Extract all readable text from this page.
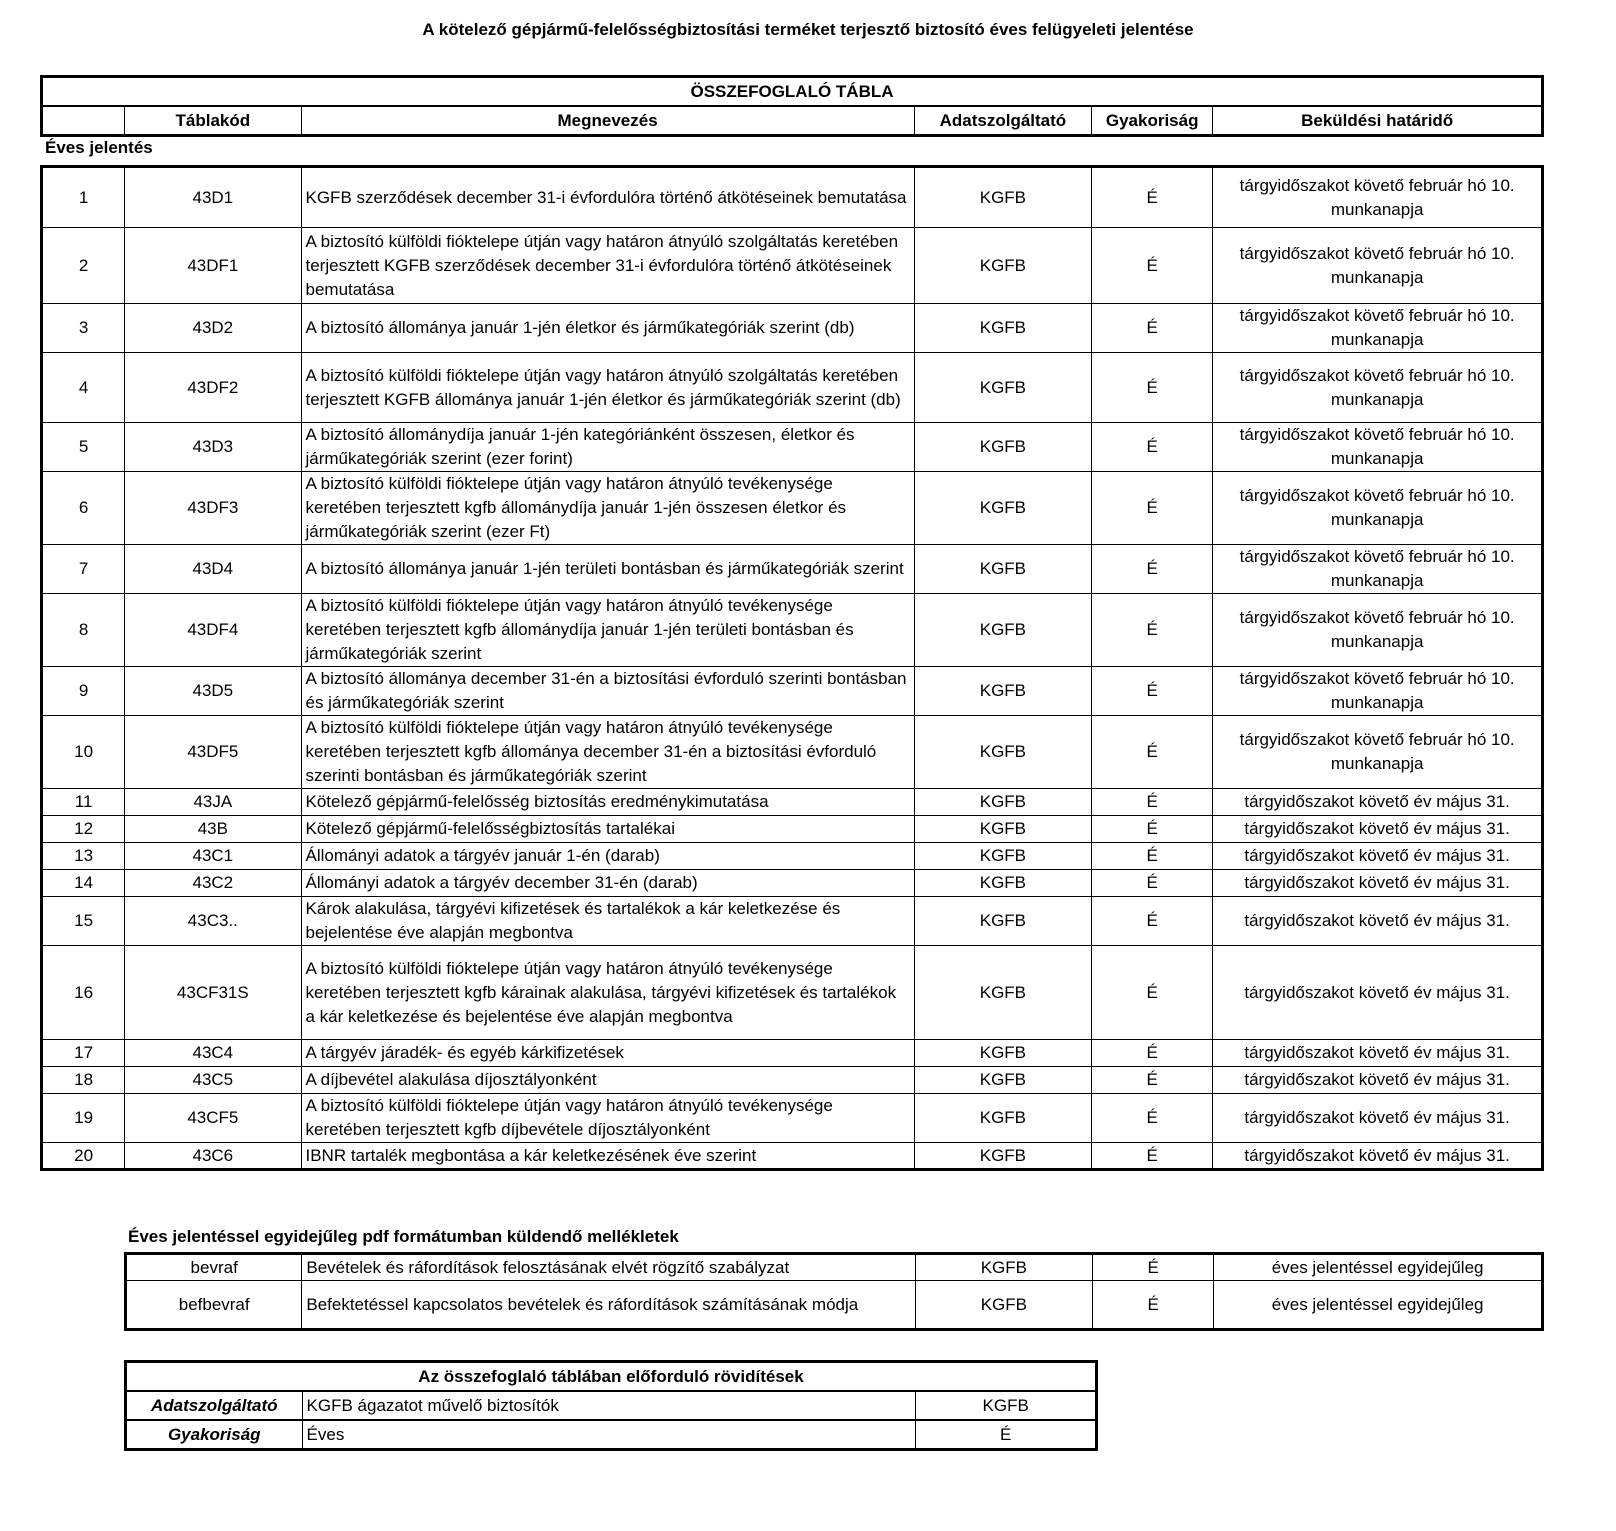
A kötelező gépjármű-felelősségbiztosítási terméket terjesztő biztosító éves felügyeleti jelentése
ÖSSZEFOGLALÓ TÁBLA
	Táblakód	Megnevezés	Adatszolgáltató	Gyakoriság	Beküldési határidő
Éves jelentés
1	43D1	KGFB szerződések december 31-i évfordulóra történő átkötéseinek bemutatása	KGFB	É	tárgyidőszakot követő február hó 10. munkanapja
2	43DF1	A biztosító külföldi fióktelepe útján vagy határon átnyúló szolgáltatás keretében terjesztett KGFB szerződések december 31-i évfordulóra történő átkötéseinek bemutatása	KGFB	É	tárgyidőszakot követő február hó 10. munkanapja
3	43D2	A biztosító állománya január 1-jén életkor és járműkategóriák szerint (db)	KGFB	É	tárgyidőszakot követő február hó 10. munkanapja
4	43DF2	A biztosító külföldi fióktelepe útján vagy határon átnyúló szolgáltatás keretében terjesztett KGFB állománya január 1-jén életkor és járműkategóriák szerint (db)	KGFB	É	tárgyidőszakot követő február hó 10. munkanapja
5	43D3	A biztosító állománydíja január 1-jén kategóriánként összesen, életkor és járműkategóriák szerint (ezer forint)	KGFB	É	tárgyidőszakot követő február hó 10. munkanapja
6	43DF3	A biztosító külföldi fióktelepe útján vagy határon átnyúló tevékenysége keretében terjesztett kgfb állománydíja január 1-jén összesen életkor és járműkategóriák szerint (ezer Ft)	KGFB	É	tárgyidőszakot követő február hó 10. munkanapja
7	43D4	A biztosító állománya január 1-jén területi bontásban és járműkategóriák szerint	KGFB	É	tárgyidőszakot követő február hó 10. munkanapja
8	43DF4	A biztosító külföldi fióktelepe útján vagy határon átnyúló tevékenysége keretében terjesztett kgfb állománydíja január 1-jén területi bontásban és járműkategóriák szerint	KGFB	É	tárgyidőszakot követő február hó 10. munkanapja
9	43D5	A biztosító állománya december 31-én a biztosítási évforduló szerinti bontásban és járműkategóriák szerint	KGFB	É	tárgyidőszakot követő február hó 10. munkanapja
10	43DF5	A biztosító külföldi fióktelepe útján vagy határon átnyúló tevékenysége keretében terjesztett kgfb állománya december 31-én a biztosítási évforduló szerinti bontásban és járműkategóriák szerint	KGFB	É	tárgyidőszakot követő február hó 10. munkanapja
11	43JA	Kötelező gépjármű-felelősség biztosítás eredménykimutatása	KGFB	É	tárgyidőszakot követő év május 31.
12	43B	Kötelező gépjármű-felelősségbiztosítás tartalékai	KGFB	É	tárgyidőszakot követő év május 31.
13	43C1	Állományi adatok a tárgyév január 1-én (darab)	KGFB	É	tárgyidőszakot követő év május 31.
14	43C2	Állományi adatok a tárgyév december 31-én (darab)	KGFB	É	tárgyidőszakot követő év május 31.
15	43C3..	Károk alakulása, tárgyévi kifizetések és tartalékok a kár keletkezése és bejelentése éve alapján megbontva	KGFB	É	tárgyidőszakot követő év május 31.
16	43CF31S	A biztosító külföldi fióktelepe útján vagy határon átnyúló tevékenysége keretében terjesztett kgfb kárainak alakulása, tárgyévi kifizetések és tartalékok a kár keletkezése és bejelentése éve alapján megbontva	KGFB	É	tárgyidőszakot követő év május 31.
17	43C4	A tárgyév járadék- és egyéb kárkifizetések	KGFB	É	tárgyidőszakot követő év május 31.
18	43C5	A díjbevétel alakulása díjosztályonként	KGFB	É	tárgyidőszakot követő év május 31.
19	43CF5	A biztosító külföldi fióktelepe útján vagy határon átnyúló tevékenysége keretében terjesztett kgfb díjbevétele díjosztályonként	KGFB	É	tárgyidőszakot követő év május 31.
20	43C6	IBNR tartalék megbontása a kár keletkezésének éve szerint	KGFB	É	tárgyidőszakot követő év május 31.
Éves jelentéssel egyidejűleg pdf formátumban küldendő mellékletek
bevraf	Bevételek és ráfordítások felosztásának elvét rögzítő szabályzat	KGFB	É	éves jelentéssel egyidejűleg
befbevraf	Befektetéssel kapcsolatos bevételek és ráfordítások számításának módja	KGFB	É	éves jelentéssel egyidejűleg
Az összefoglaló táblában előforduló rövidítések		
Adatszolgáltató	KGFB ágazatot művelő biztosítók	KGFB
Gyakoriság	Éves	É
